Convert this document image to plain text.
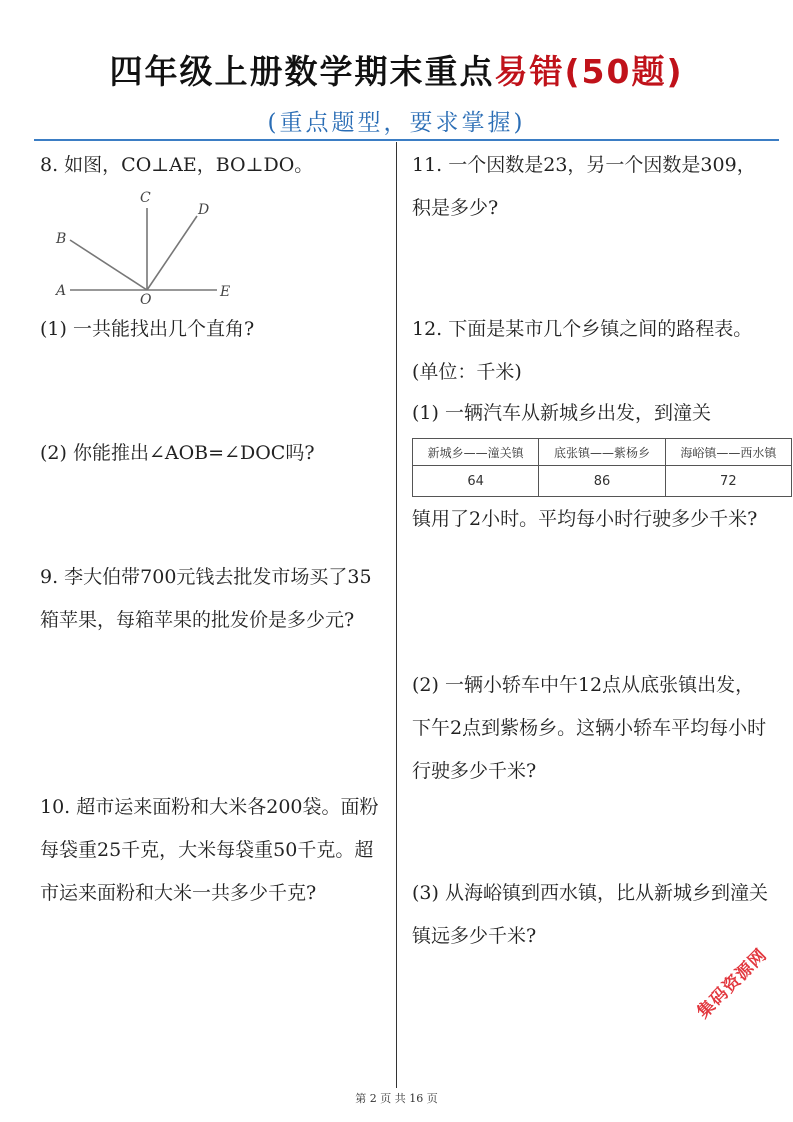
四年级上册数学期末重点易错(50题)
(重点题型，要求掌握)
8. 如图，CO⊥AE，BO⊥DO。
A
B
C
D
E
O
(1) 一共能找出几个直角?
(2) 你能推出∠AOB=∠DOC吗?
9. 李大伯带700元钱去批发市场买了35箱苹果，每箱苹果的批发价是多少元?
10. 超市运来面粉和大米各200袋。面粉每袋重25千克，大米每袋重50千克。超市运来面粉和大米一共多少千克?
11. 一个因数是23，另一个因数是309，积是多少?
12. 下面是某市几个乡镇之间的路程表。(单位：千米)
(1) 一辆汽车从新城乡出发，到潼关
新城乡——潼关镇	底张镇——紫杨乡	海峪镇——西水镇
64	86	72
镇用了2小时。平均每小时行驶多少千米?
(2) 一辆小轿车中午12点从底张镇出发，下午2点到紫杨乡。这辆小轿车平均每小时行驶多少千米?
(3) 从海峪镇到西水镇，比从新城乡到潼关镇远多少千米?
第 2 页 共 16 页
集码资源网
